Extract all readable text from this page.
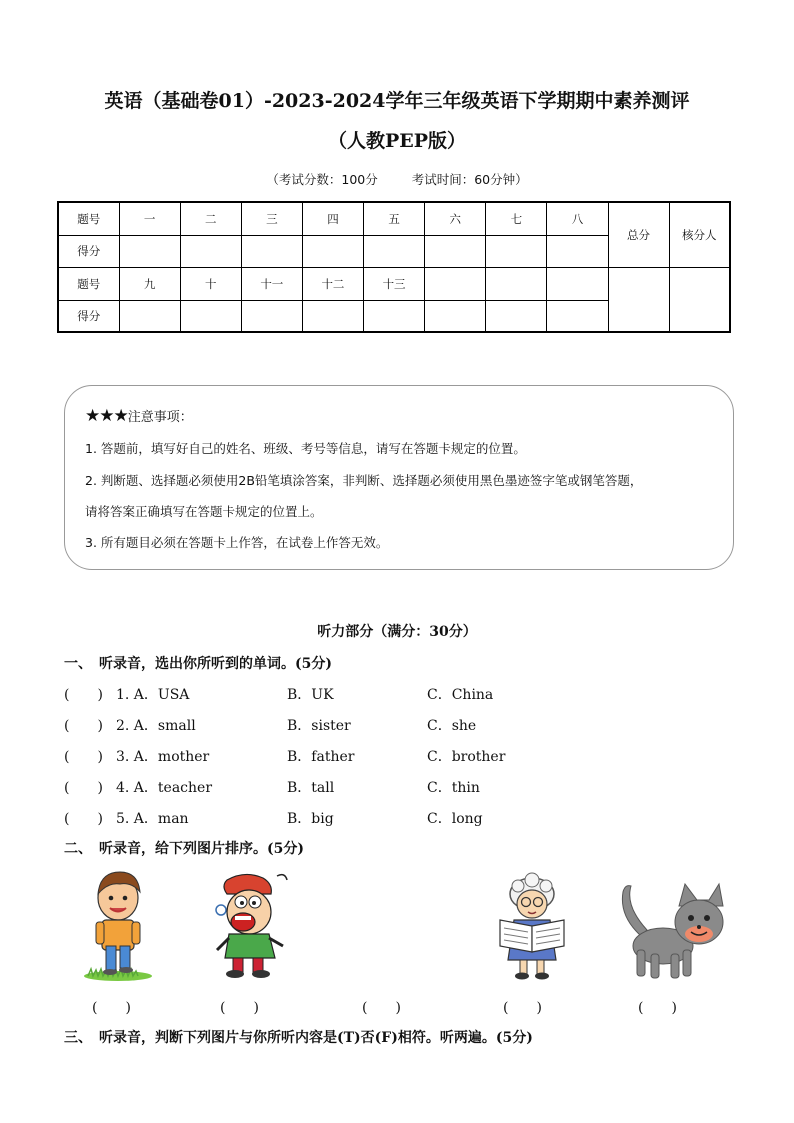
英语（基础卷01）-2023-2024学年三年级英语下学期期中素养测评
（人教PEP版）
（考试分数：100分	考试时间：60分钟）
题号	一	二	三	四	五	六	七	八	总分	核分人
得分										
题号	九	十	十一	十二	十三					
得分										
★★★注意事项：
1. 答题前，填写好自己的姓名、班级、考号等信息，请写在答题卡规定的位置。
2. 判断题、选择题必须使用2B铅笔填涂答案，非判断、选择题必须使用黑色墨迹签字笔或钢笔答题，
请将答案正确填写在答题卡规定的位置上。
3. 所有题目必须在答题卡上作答，在试卷上作答无效。
听力部分（满分：30分）
一、　听录音，选出你所听到的单词。(5分)
(　　) 1. A．USA	B．UK	C．China
(　　) 2. A．small	B．sister	C．she
(　　) 3. A．mother	B．father	C．brother
(　　) 4. A．teacher	B．tall	C．thin
(　　) 5. A．man	B．big	C．long
二、　听录音，给下列图片排序。(5分)
(　　)	(　　)	(　　)	(　　)	(　　)
三、　听录音，判断下列图片与你所听内容是(T)否(F)相符。听两遍。(5分)
